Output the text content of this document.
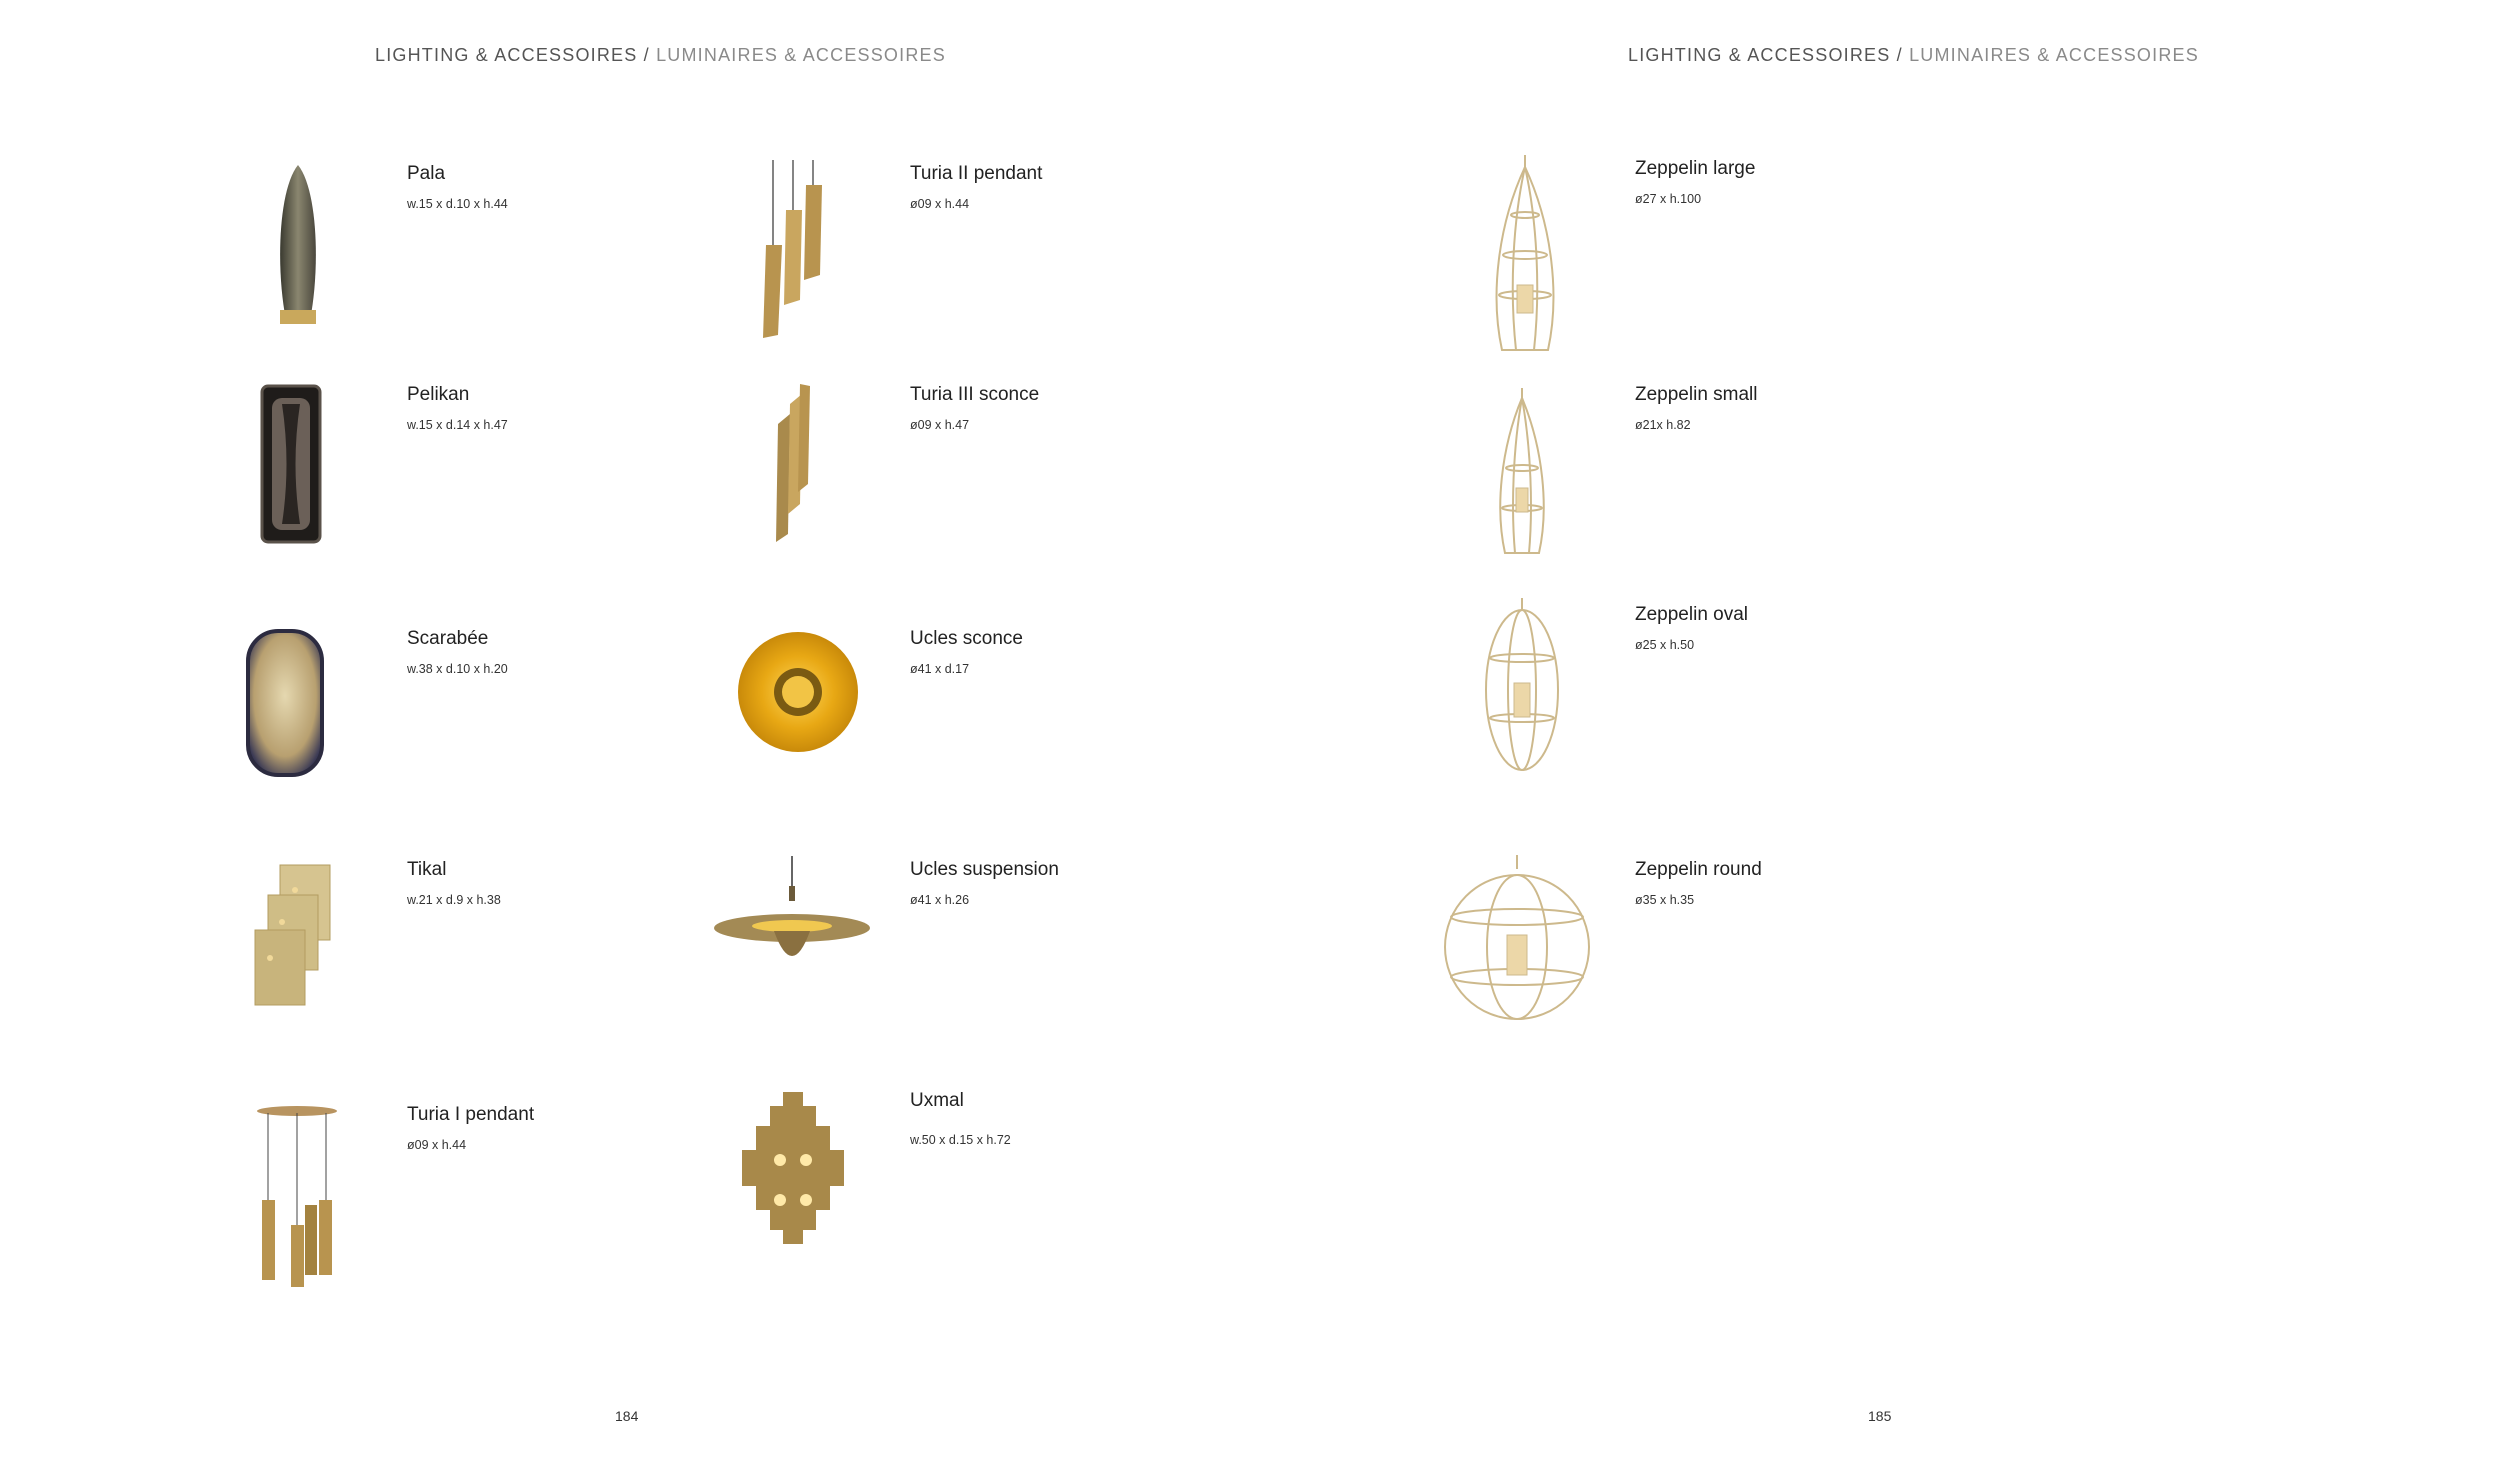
LIGHTING & ACCESSOIRES / LUMINAIRES & ACCESSOIRES
Pala
w.15 x d.10 x h.44
Pelikan
w.15 x d.14 x h.47
Scarabée
w.38 x d.10 x h.20
Tikal
w.21 x d.9 x h.38
Turia I pendant
ø09 x h.44
Turia II pendant
ø09 x h.44
Turia III sconce
ø09 x h.47
Ucles sconce
ø41 x d.17
Ucles suspension
ø41 x h.26
Uxmal
w.50 x d.15 x h.72
184
LIGHTING & ACCESSOIRES / LUMINAIRES & ACCESSOIRES
Zeppelin large
ø27 x h.100
Zeppelin small
ø21x h.82
Zeppelin oval
ø25 x h.50
Zeppelin round
ø35 x h.35
185
